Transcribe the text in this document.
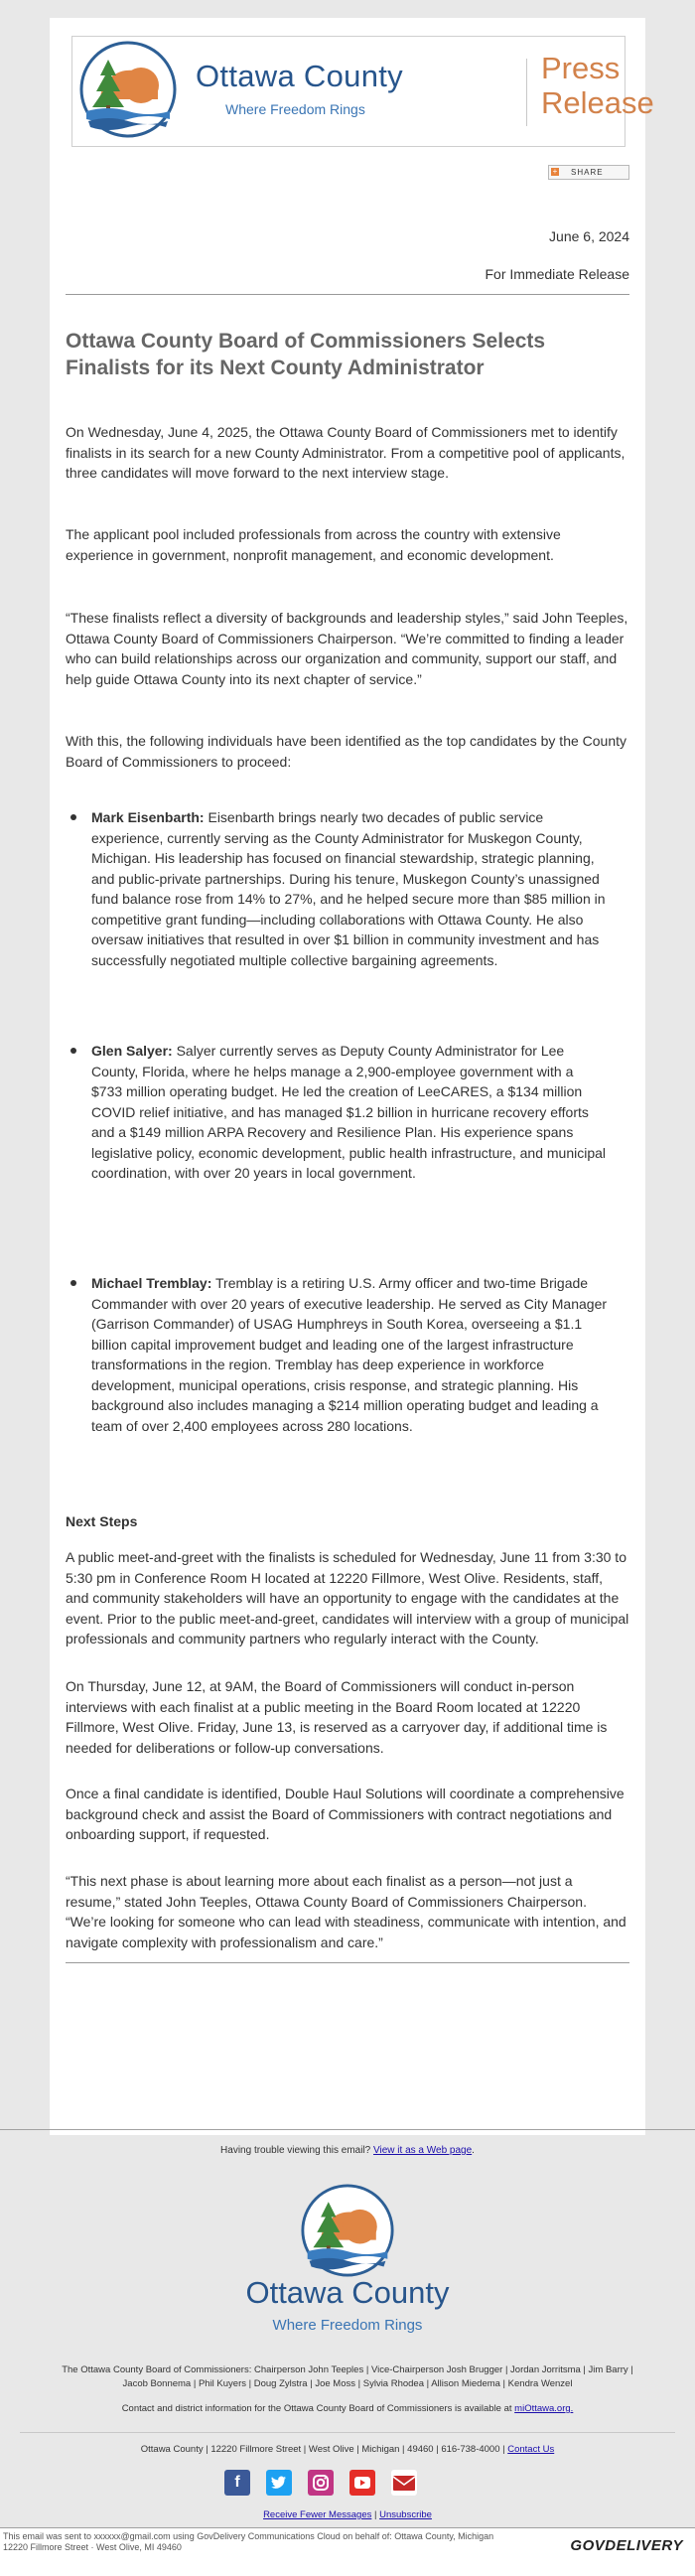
Ottawa County
Where Freedom Rings
Press
Release
+ SHARE
June 6, 2024
For Immediate Release
Ottawa County Board of Commissioners Selects Finalists for its Next County Administrator

On Wednesday, June 4, 2025, the Ottawa County Board of Commissioners met to identify finalists in its search for a new County Administrator. From a competitive pool of applicants, three candidates will move forward to the next interview stage.

The applicant pool included professionals from across the country with extensive experience in government, nonprofit management, and economic development.

“These finalists reflect a diversity of backgrounds and leadership styles,” said John Teeples, Ottawa County Board of Commissioners Chairperson. “We’re committed to finding a leader who can build relationships across our organization and community, support our staff, and help guide Ottawa County into its next chapter of service.”

With this, the following individuals have been identified as the top candidates by the County Board of Commissioners to proceed:

Mark Eisenbarth: Eisenbarth brings nearly two decades of public service experience, currently serving as the County Administrator for Muskegon County, Michigan. His leadership has focused on financial stewardship, strategic planning, and public-private partnerships. During his tenure, Muskegon County’s unassigned fund balance rose from 14% to 27%, and he helped secure more than $85 million in competitive grant funding—including collaborations with Ottawa County. He also oversaw initiatives that resulted in over $1 billion in community investment and has successfully negotiated multiple collective bargaining agreements.

Glen Salyer: Salyer currently serves as Deputy County Administrator for Lee County, Florida, where he helps manage a 2,900-employee government with a $733 million operating budget. He led the creation of LeeCARES, a $134 million COVID relief initiative, and has managed $1.2 billion in hurricane recovery efforts and a $149 million ARPA Recovery and Resilience Plan. His experience spans legislative policy, economic development, public health infrastructure, and municipal coordination, with over 20 years in local government.

Michael Tremblay: Tremblay is a retiring U.S. Army officer and two-time Brigade Commander with over 20 years of executive leadership. He served as City Manager (Garrison Commander) of USAG Humphreys in South Korea, overseeing a $1.1 billion capital improvement budget and leading one of the largest infrastructure transformations in the region. Tremblay has deep experience in workforce development, municipal operations, crisis response, and strategic planning. His background also includes managing a $214 million operating budget and leading a team of over 2,400 employees across 280 locations.

Next Steps

A public meet-and-greet with the finalists is scheduled for Wednesday, June 11 from 3:30 to 5:30 pm in Conference Room H located at 12220 Fillmore, West Olive. Residents, staff, and community stakeholders will have an opportunity to engage with the candidates at the event. Prior to the public meet-and-greet, candidates will interview with a group of municipal professionals and community partners who regularly interact with the County.

On Thursday, June 12, at 9AM, the Board of Commissioners will conduct in-person interviews with each finalist at a public meeting in the Board Room located at 12220 Fillmore, West Olive. Friday, June 13, is reserved as a carryover day, if additional time is needed for deliberations or follow-up conversations.

Once a final candidate is identified, Double Haul Solutions will coordinate a comprehensive background check and assist the Board of Commissioners with contract negotiations and onboarding support, if requested.

“This next phase is about learning more about each finalist as a person—not just a resume,” stated John Teeples, Ottawa County Board of Commissioners Chairperson. “We’re looking for someone who can lead with steadiness, communicate with intention, and navigate complexity with professionalism and care.”

Having trouble viewing this email? View it as a Web page.
Ottawa County
Where Freedom Rings
The Ottawa County Board of Commissioners: Chairperson John Teeples | Vice-Chairperson Josh Brugger | Jordan Jorritsma | Jim Barry |
Jacob Bonnema | Phil Kuyers | Doug Zylstra | Joe Moss | Sylvia Rhodea | Allison Miedema | Kendra Wenzel
Contact and district information for the Ottawa County Board of Commissioners is available at miOttawa.org.
Ottawa County | 12220 Fillmore Street | West Olive | Michigan | 49460 | 616-738-4000 | Contact Us
f
Receive Fewer Messages | Unsubscribe
This email was sent to xxxxxx@gmail.com using GovDelivery Communications Cloud on behalf of: Ottawa County, Michigan
12220 Fillmore Street · West Olive, MI 49460	GOVDELIVERY
